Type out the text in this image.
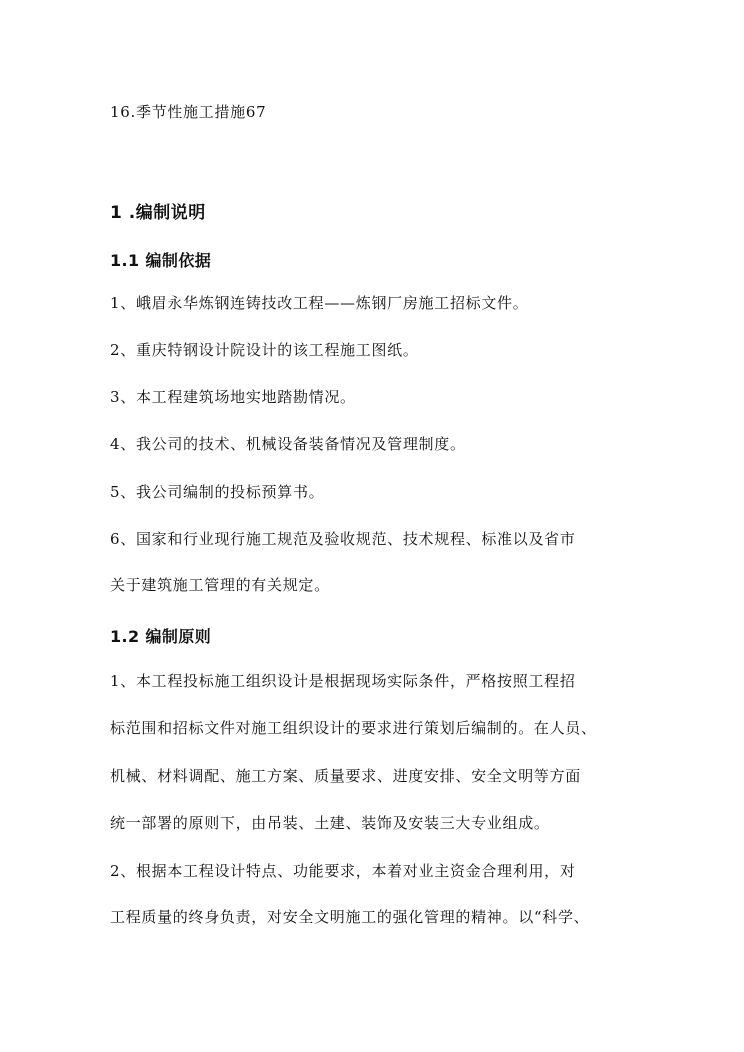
16.季节性施工措施67
1 .编制说明
1.1 编制依据
1、峨眉永华炼钢连铸技改工程——炼钢厂房施工招标文件。
2、重庆特钢设计院设计的该工程施工图纸。
3、本工程建筑场地实地踏勘情况。
4、我公司的技术、机械设备装备情况及管理制度。
5、我公司编制的投标预算书。
6、国家和行业现行施工规范及验收规范、技术规程、标准以及省市
关于建筑施工管理的有关规定。
1.2 编制原则
1、本工程投标施工组织设计是根据现场实际条件，严格按照工程招
标范围和招标文件对施工组织设计的要求进行策划后编制的。在人员、
机械、材料调配、施工方案、质量要求、进度安排、安全文明等方面
统一部署的原则下，由吊装、土建、装饰及安装三大专业组成。
2、根据本工程设计特点、功能要求，本着对业主资金合理利用，对
工程质量的终身负责，对安全文明施工的强化管理的精神。以“科学、
